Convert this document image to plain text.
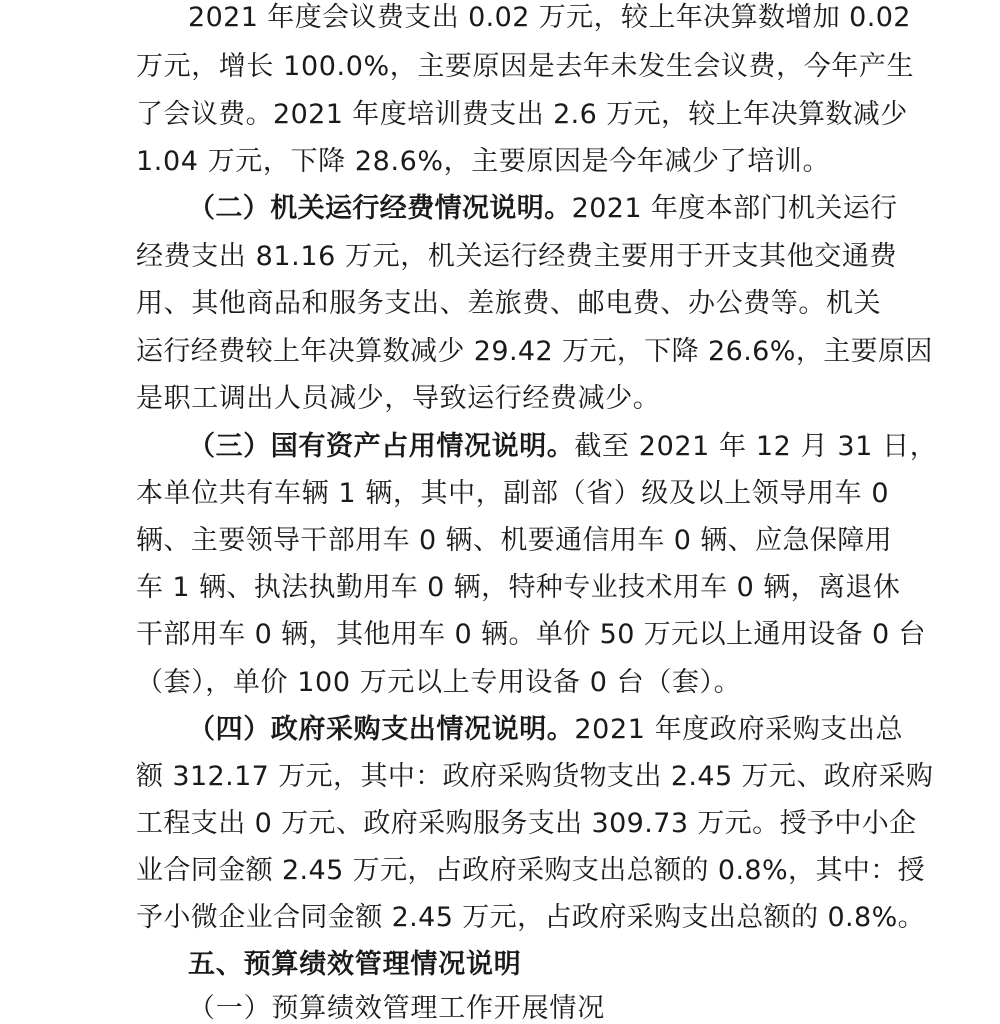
2021 年度会议费支出 0.02 万元，较上年决算数增加 0.02
万元，增长 100.0%，主要原因是去年未发生会议费，今年产生
了会议费。2021 年度培训费支出 2.6 万元，较上年决算数减少
1.04 万元，下降 28.6%，主要原因是今年减少了培训。
（二）机关运行经费情况说明。2021 年度本部门机关运行
经费支出 81.16 万元，机关运行经费主要用于开支其他交通费
用、其他商品和服务支出、差旅费、邮电费、办公费等。机关
运行经费较上年决算数减少 29.42 万元，下降 26.6%，主要原因
是职工调出人员减少，导致运行经费减少。
（三）国有资产占用情况说明。截至 2021 年 12 月 31 日，
本单位共有车辆 1 辆，其中，副部（省）级及以上领导用车 0
辆、主要领导干部用车 0 辆、机要通信用车 0 辆、应急保障用
车 1 辆、执法执勤用车 0 辆，特种专业技术用车 0 辆，离退休
干部用车 0 辆，其他用车 0 辆。单价 50 万元以上通用设备 0 台
（套），单价 100 万元以上专用设备 0 台（套）。
（四）政府采购支出情况说明。2021 年度政府采购支出总
额 312.17 万元，其中：政府采购货物支出 2.45 万元、政府采购
工程支出 0 万元、政府采购服务支出 309.73 万元。授予中小企
业合同金额 2.45 万元，占政府采购支出总额的 0.8%，其中：授
予小微企业合同金额 2.45 万元，占政府采购支出总额的 0.8%。
五、预算绩效管理情况说明
（一）预算绩效管理工作开展情况
